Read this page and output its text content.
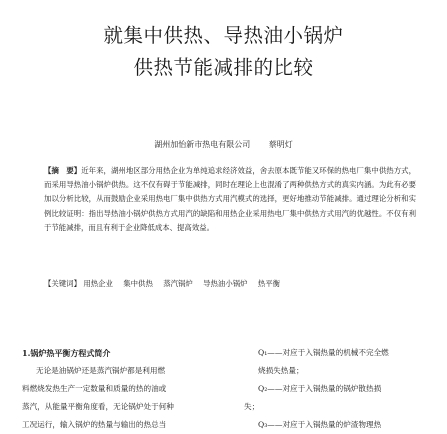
就集中供热、导热油小锅炉
供热节能减排的比较
湖州加怡新市热电有限公司 蔡明灯
【摘　要】近年来，湖州地区部分用热企业为单纯追求经济效益，舍去原本既节能又环保的热电厂集中供热方式，而采用导热油小锅炉供热。这不仅有碍于节能减排，同时在理论上也混淆了两种供热方式的真实内涵。为此有必要加以分析比较，从而鼓励企业采用热电厂集中供热方式用汽模式的选择，更好地推动节能减排。通过理论分析和实例比较证明：指出导热油小锅炉供热方式用汽的缺陷和用热企业采用热电厂集中供热方式用汽的优越性。不仅有利于节能减排，而且有利于企业降低成本、提高效益。
【关键词】 用热企业 集中供热 蒸汽锅炉 导热油小锅炉 热平衡
1.锅炉热平衡方程式简介
无论是油锅炉还是蒸汽锅炉都是利用燃
料燃烧发热生产一定数量和质量的热的油或
蒸汽，从能量平衡角度看，无论锅炉处于何种
工况运行，输入锅炉的热量与输出的热总当
Q₁——对应于入锅热量的机械不完全燃
烧损失热量；
Q₂——对应于入锅热量的锅炉散热损
失；
Q₃——对应于入锅热量的炉渣物理热
